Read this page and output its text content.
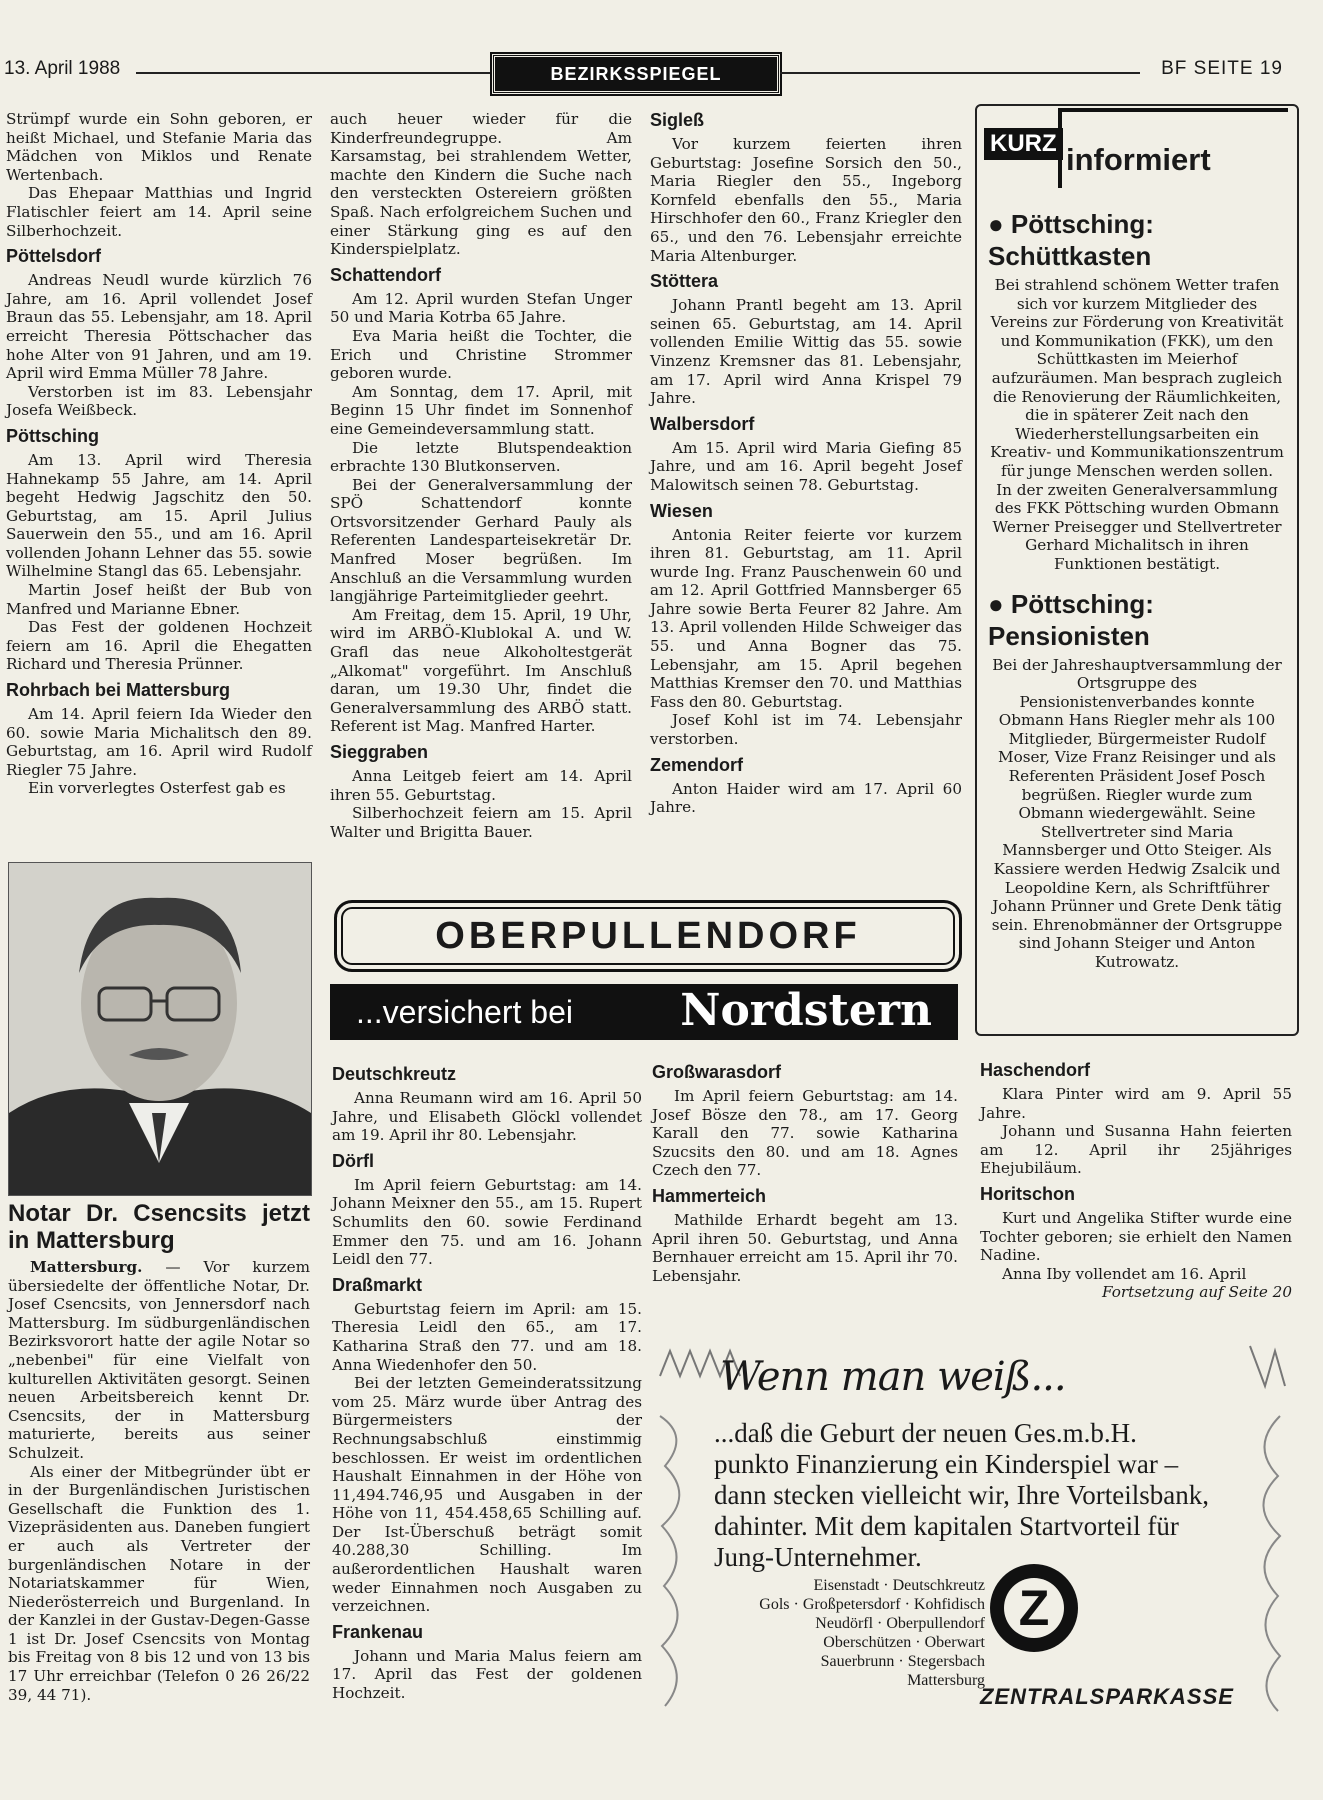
13. April 1988	BEZIRKSSPIEGEL	BF SEITE 19

Strümpf wurde ein Sohn geboren, er heißt Michael, und Stefanie Maria das Mädchen von Miklos und Renate Wertenbach.

Das Ehepaar Matthias und Ingrid Flatischler feiert am 14. April seine Silberhochzeit.

Pöttelsdorf

Andreas Neudl wurde kürzlich 76 Jahre, am 16. April vollendet Josef Braun das 55. Lebensjahr, am 18. April erreicht Theresia Pöttschacher das hohe Alter von 91 Jahren, und am 19. April wird Emma Müller 78 Jahre.

Verstorben ist im 83. Lebensjahr Josefa Weißbeck.

Pöttsching

Am 13. April wird Theresia Hahnekamp 55 Jahre, am 14. April begeht Hedwig Jagschitz den 50. Geburtstag, am 15. April Julius Sauerwein den 55., und am 16. April vollenden Johann Lehner das 55. sowie Wilhelmine Stangl das 65. Lebensjahr.

Martin Josef heißt der Bub von Manfred und Marianne Ebner.

Das Fest der goldenen Hochzeit feiern am 16. April die Ehegatten Richard und Theresia Prünner.

Rohrbach bei Mattersburg

Am 14. April feiern Ida Wieder den 60. sowie Maria Michalitsch den 89. Geburtstag, am 16. April wird Rudolf Riegler 75 Jahre.

Ein vorverlegtes Osterfest gab es

Notar Dr. Csencsits jetzt in Mattersburg

Mattersburg. — Vor kurzem übersiedelte der öffentliche Notar, Dr. Josef Csencsits, von Jennersdorf nach Mattersburg. Im südburgenländischen Bezirksvorort hatte der agile Notar so „nebenbei" für eine Vielfalt von kulturellen Aktivitäten gesorgt. Seinen neuen Arbeitsbereich kennt Dr. Csencsits, der in Mattersburg maturierte, bereits aus seiner Schulzeit.

Als einer der Mitbegründer übt er in der Burgenländischen Juristischen Gesellschaft die Funktion des 1. Vizepräsidenten aus. Daneben fungiert er auch als Vertreter der burgenländischen Notare in der Notariatskammer für Wien, Niederösterreich und Burgenland. In der Kanzlei in der Gustav-Degen-Gasse 1 ist Dr. Josef Csencsits von Montag bis Freitag von 8 bis 12 und von 13 bis 17 Uhr erreichbar (Telefon 0 26 26/22 39, 44 71).

auch heuer wieder für die Kinderfreundegruppe. Am Karsamstag, bei strahlendem Wetter, machte den Kindern die Suche nach den versteckten Ostereiern größten Spaß. Nach erfolgreichem Suchen und einer Stärkung ging es auf den Kinderspielplatz.

Schattendorf

Am 12. April wurden Stefan Unger 50 und Maria Kotrba 65 Jahre.

Eva Maria heißt die Tochter, die Erich und Christine Strommer geboren wurde.

Am Sonntag, dem 17. April, mit Beginn 15 Uhr findet im Sonnenhof eine Gemeindeversammlung statt.

Die letzte Blutspendeaktion erbrachte 130 Blutkonserven.

Bei der Generalversammlung der SPÖ Schattendorf konnte Ortsvorsitzender Gerhard Pauly als Referenten Landesparteisekretär Dr. Manfred Moser begrüßen. Im Anschluß an die Versammlung wurden langjährige Parteimitglieder geehrt.

Am Freitag, dem 15. April, 19 Uhr, wird im ARBÖ-Klublokal A. und W. Grafl das neue Alkoholtestgerät „Alkomat" vorgeführt. Im Anschluß daran, um 19.30 Uhr, findet die Generalversammlung des ARBÖ statt. Referent ist Mag. Manfred Harter.

Sieggraben

Anna Leitgeb feiert am 14. April ihren 55. Geburtstag.

Silberhochzeit feiern am 15. April Walter und Brigitta Bauer.

Sigleß

Vor kurzem feierten ihren Geburtstag: Josefine Sorsich den 50., Maria Riegler den 55., Ingeborg Kornfeld ebenfalls den 55., Maria Hirschhofer den 60., Franz Kriegler den 65., und den 76. Lebensjahr erreichte Maria Altenburger.

Stöttera

Johann Prantl begeht am 13. April seinen 65. Geburtstag, am 14. April vollenden Emilie Wittig das 55. sowie Vinzenz Kremsner das 81. Lebensjahr, am 17. April wird Anna Krispel 79 Jahre.

Walbersdorf

Am 15. April wird Maria Giefing 85 Jahre, und am 16. April begeht Josef Malowitsch seinen 78. Geburtstag.

Wiesen

Antonia Reiter feierte vor kurzem ihren 81. Geburtstag, am 11. April wurde Ing. Franz Pauschenwein 60 und am 12. April Gottfried Mannsberger 65 Jahre sowie Berta Feurer 82 Jahre. Am 13. April vollenden Hilde Schweiger das 55. und Anna Bogner das 75. Lebensjahr, am 15. April begehen Matthias Kremser den 70. und Matthias Fass den 80. Geburtstag.

Josef Kohl ist im 74. Lebensjahr verstorben.

Zemendorf

Anton Haider wird am 17. April 60 Jahre.

KURZ informiert
● Pöttsching: Schüttkasten

Bei strahlend schönem Wetter trafen sich vor kurzem Mitglieder des Vereins zur Förderung von Kreativität und Kommunikation (FKK), um den Schüttkasten im Meierhof aufzuräumen. Man besprach zugleich die Renovierung der Räumlichkeiten, die in späterer Zeit nach den Wiederherstellungsarbeiten ein Kreativ- und Kommunikationszentrum für junge Menschen werden sollen.

In der zweiten Generalversammlung des FKK Pöttsching wurden Obmann Werner Preisegger und Stellvertreter Gerhard Michalitsch in ihren Funktionen bestätigt.

● Pöttsching: Pensionisten

Bei der Jahreshauptversammlung der Ortsgruppe des Pensionistenverbandes konnte Obmann Hans Riegler mehr als 100 Mitglieder, Bürgermeister Rudolf Moser, Vize Franz Reisinger und als Referenten Präsident Josef Posch begrüßen. Riegler wurde zum Obmann wiedergewählt. Seine Stellvertreter sind Maria Mannsberger und Otto Steiger. Als Kassiere werden Hedwig Zsalcik und Leopoldine Kern, als Schriftführer Johann Prünner und Grete Denk tätig sein. Ehrenobmänner der Ortsgruppe sind Johann Steiger und Anton Kutrowatz.

OBERPULLENDORF
...versichert bei Nordstern
Deutschkreutz

Anna Reumann wird am 16. April 50 Jahre, und Elisabeth Glöckl vollendet am 19. April ihr 80. Lebensjahr.

Dörfl

Im April feiern Geburtstag: am 14. Johann Meixner den 55., am 15. Rupert Schumlits den 60. sowie Ferdinand Emmer den 75. und am 16. Johann Leidl den 77.

Draßmarkt

Geburtstag feiern im April: am 15. Theresia Leidl den 65., am 17. Katharina Straß den 77. und am 18. Anna Wiedenhofer den 50.

Bei der letzten Gemeinderatssitzung vom 25. März wurde über Antrag des Bürgermeisters der Rechnungsabschluß einstimmig beschlossen. Er weist im ordentlichen Haushalt Einnahmen in der Höhe von 11,494.746,95 und Ausgaben in der Höhe von 11, 454.458,65 Schilling auf. Der Ist-Überschuß beträgt somit 40.288,30 Schilling. Im außerordentlichen Haushalt waren weder Einnahmen noch Ausgaben zu verzeichnen.

Frankenau

Johann und Maria Malus feiern am 17. April das Fest der goldenen Hochzeit.

Großwarasdorf

Im April feiern Geburtstag: am 14. Josef Bösze den 78., am 17. Georg Karall den 77. sowie Katharina Szucsits den 80. und am 18. Agnes Czech den 77.

Hammerteich

Mathilde Erhardt begeht am 13. April ihren 50. Geburtstag, und Anna Bernhauer erreicht am 15. April ihr 70. Lebensjahr.

Haschendorf

Klara Pinter wird am 9. April 55 Jahre.

Johann und Susanna Hahn feierten am 12. April ihr 25jähriges Ehejubiläum.

Horitschon

Kurt und Angelika Stifter wurde eine Tochter geboren; sie erhielt den Namen Nadine.

Anna Iby vollendet am 16. April

Fortsetzung auf Seite 20

Wenn man weiß...
...daß die Geburt der neuen Ges.m.b.H. punkto Finanzierung ein Kinderspiel war – dann stecken vielleicht wir, Ihre Vorteilsbank, dahinter. Mit dem kapitalen Startvorteil für Jung-Unternehmer.
Eisenstadt · Deutschkreutz
Gols · Großpetersdorf · Kohfidisch
Neudörfl · Oberpullendorf
Oberschützen · Oberwart
Sauerbrunn · Stegersbach
Mattersburg
Z
ZENTRALSPARKASSE
